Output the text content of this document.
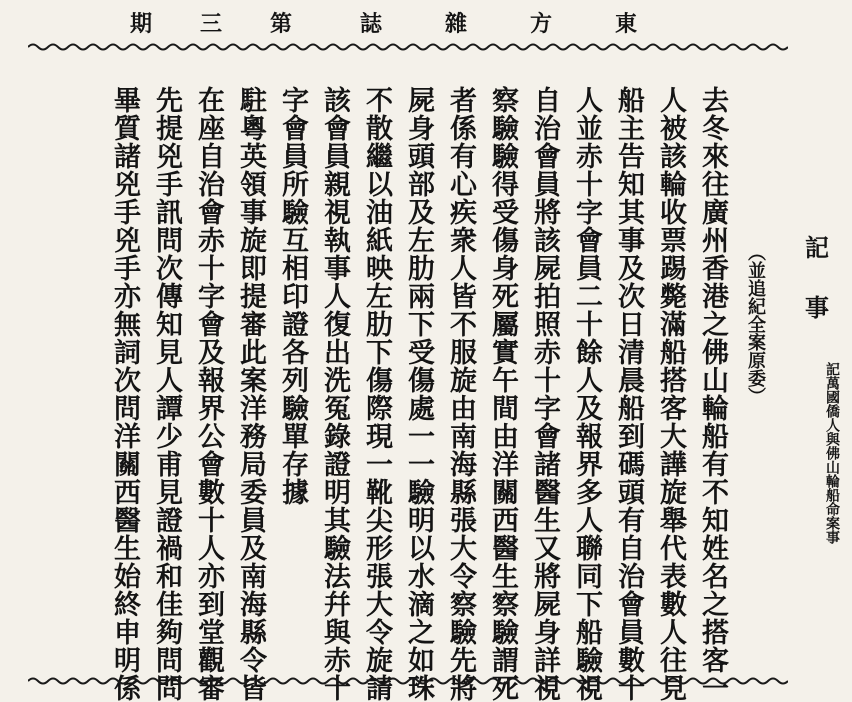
東
方
雜
誌
第
三
期
去冬來往廣州香港之佛山輪船有不知姓名之搭客一
人被該輪收票踢斃滿船搭客大譁旋舉代表數人往見
船主告知其事及次日清晨船到碼頭有自治會員數十
人並赤十字會員二十餘人及報界多人聯同下船驗視
自治會員將該屍拍照赤十字會諸醫生又將屍身詳視
察驗驗得受傷身死屬實午間由洋關西醫生察驗謂死
者係有心疾衆人皆不服旋由南海縣張大令察驗先將
屍身頭部及左肋兩下受傷處一一驗明以水滴之如珠
不散繼以油紙映左肋下傷際現一靴尖形張大令旋請
該會員親視執事人復出洗冤錄證明其驗法幷與赤十
字會員所驗互相印證各列驗單存據
駐粵英領事旋即提審此案洋務局委員及南海縣令皆
在座自治會赤十字會及報界公會數十人亦到堂觀審
先提兇手訊問次傳知見人譚少甫見證禍和佳夠問問
畢質諸兇手兇手亦無詞次問洋關西醫生始終申明係	（並追紀全案原委） 記
事
記萬國僑人與佛山輪船命案事
